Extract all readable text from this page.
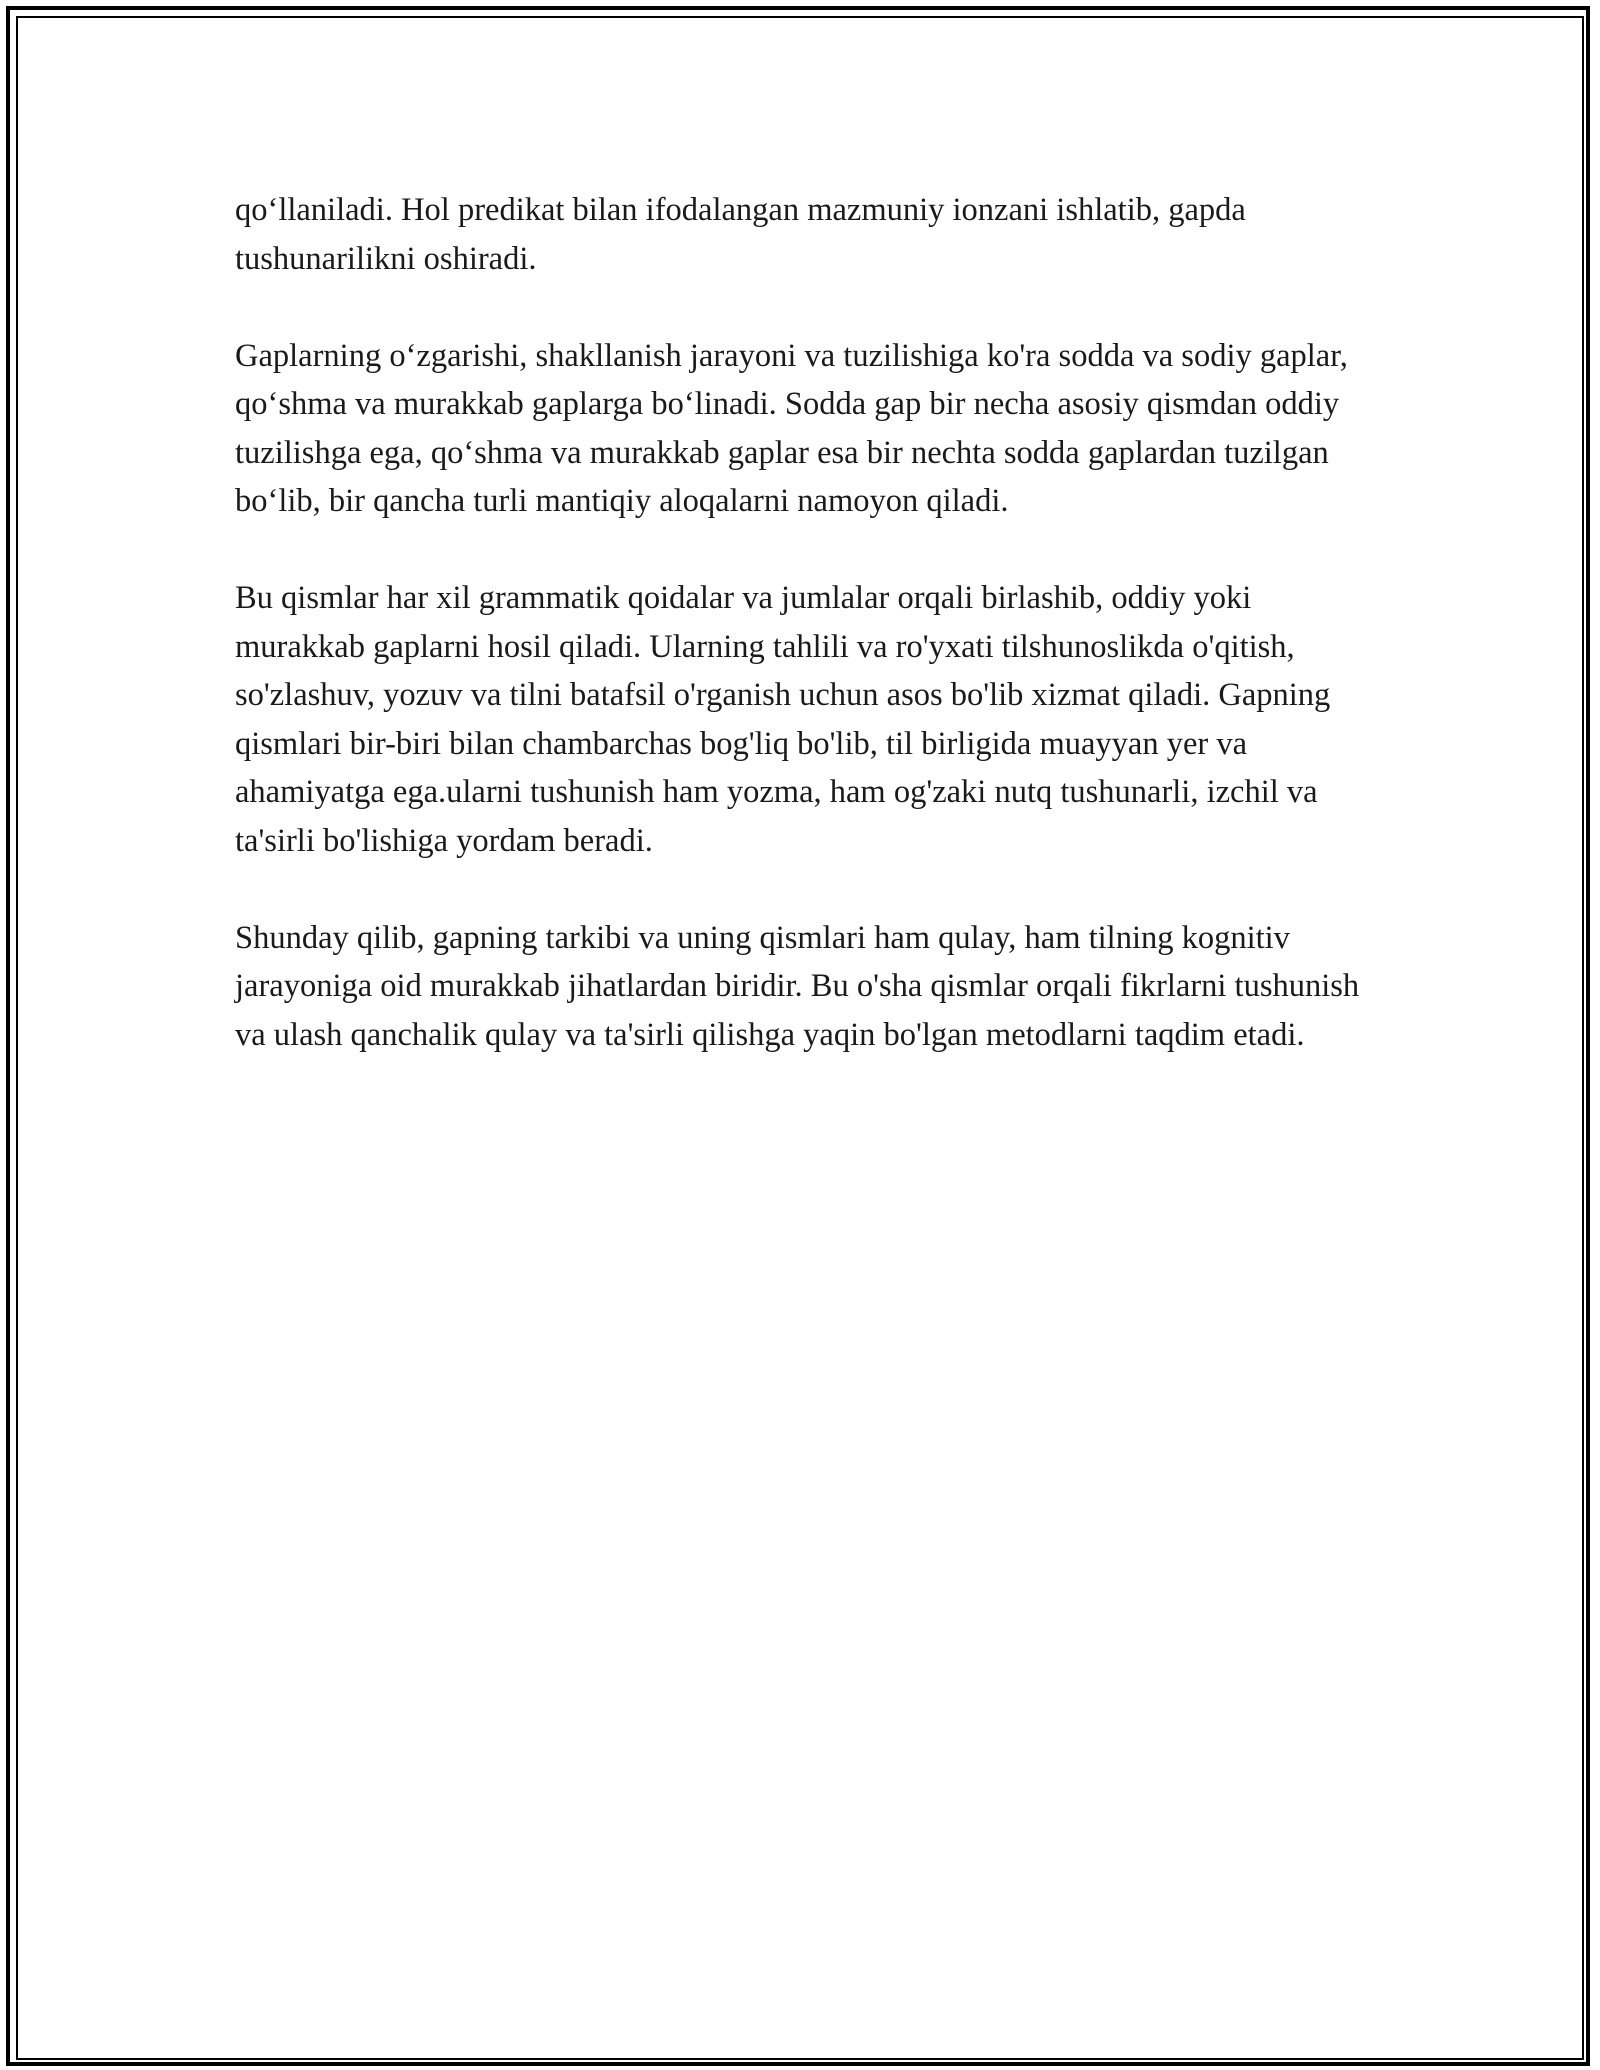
qo‘llaniladi. Hol predikat bilan ifodalangan mazmuniy ionzani ishlatib, gapda tushunarilikni oshiradi.

Gaplarning o‘zgarishi, shakllanish jarayoni va tuzilishiga ko'ra sodda va sodiy gaplar, qo‘shma va murakkab gaplarga bo‘linadi. Sodda gap bir necha asosiy qismdan oddiy tuzilishga ega, qo‘shma va murakkab gaplar esa bir nechta sodda gaplardan tuzilgan bo‘lib, bir qancha turli mantiqiy aloqalarni namoyon qiladi.

Bu qismlar har xil grammatik qoidalar va jumlalar orqali birlashib, oddiy yoki murakkab gaplarni hosil qiladi. Ularning tahlili va ro'yxati tilshunoslikda o'qitish, so'zlashuv, yozuv va tilni batafsil o'rganish uchun asos bo'lib xizmat qiladi. Gapning qismlari bir-biri bilan chambarchas bog'liq bo'lib, til birligida muayyan yer va ahamiyatga ega.ularni tushunish ham yozma, ham og'zaki nutq tushunarli, izchil va ta'sirli bo'lishiga yordam beradi.

Shunday qilib, gapning tarkibi va uning qismlari ham qulay, ham tilning kognitiv jarayoniga oid murakkab jihatlardan biridir. Bu o'sha qismlar orqali fikrlarni tushunish va ulash qanchalik qulay va ta'sirli qilishga yaqin bo'lgan metodlarni taqdim etadi.
